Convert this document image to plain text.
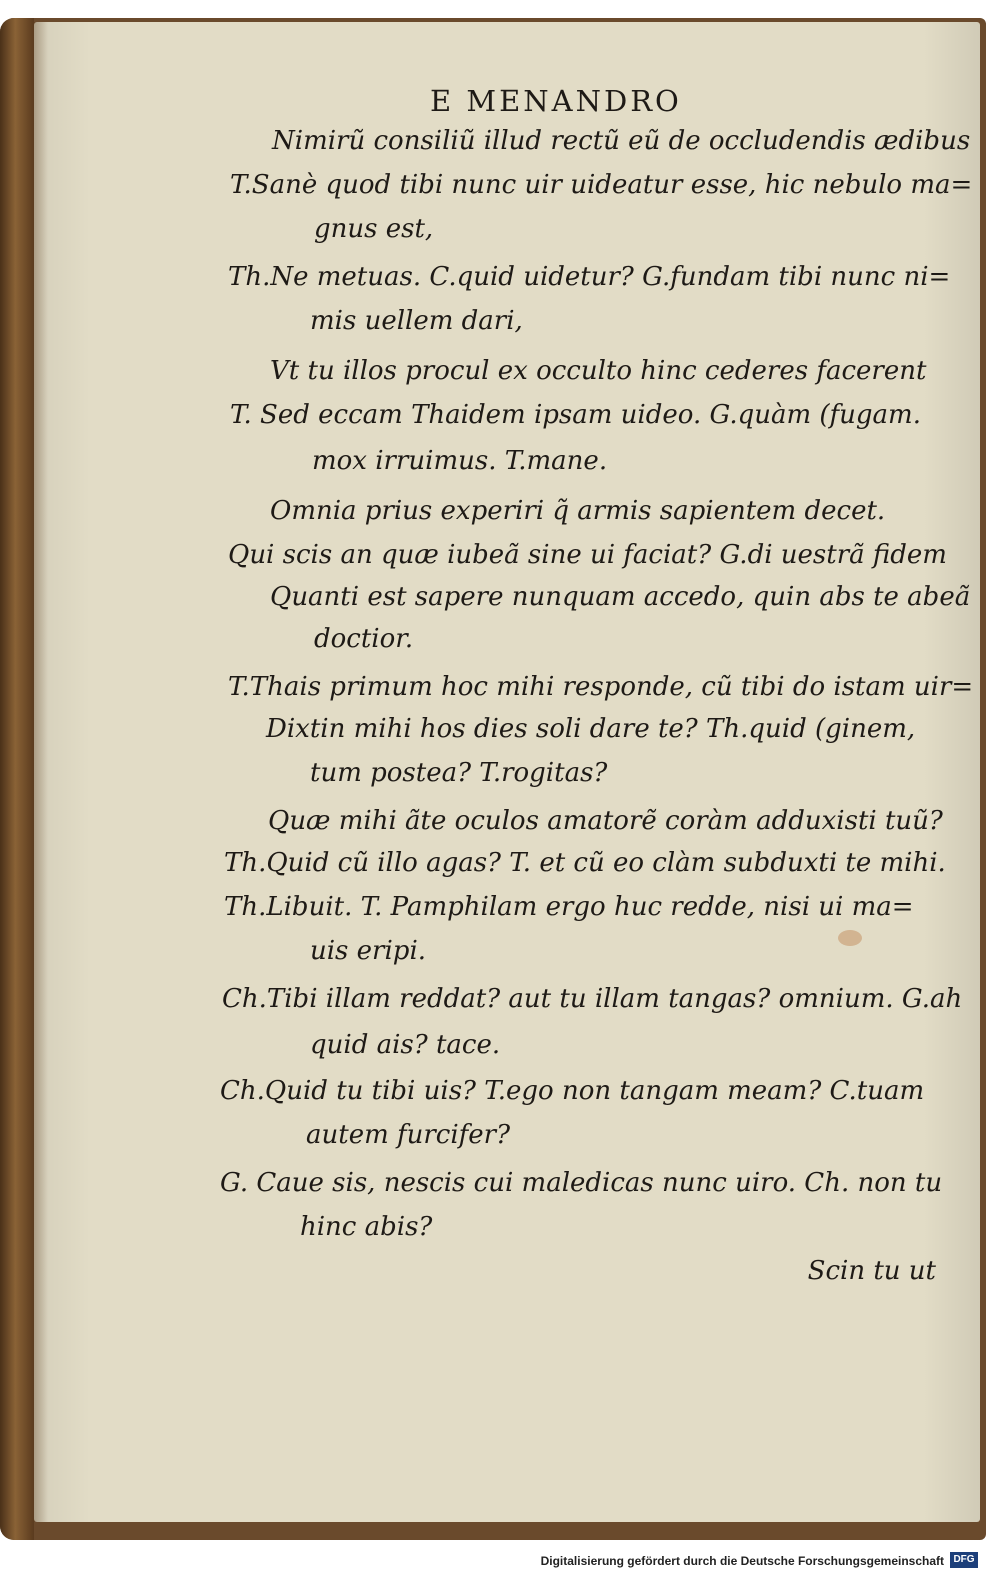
E MENANDRO
Nimirũ consiliũ illud rectũ eũ de occludendis ædibus
T.Sanè quod tibi nunc uir uideatur esse, hic nebulo ma=
gnus est,
Th.Ne metuas. C.quid uidetur? G.fundam tibi nunc ni=
mis uellem dari,
Vt tu illos procul ex occulto hinc cederes facerent
T. Sed eccam Thaidem ipsam uideo. G.quàm (fugam.
mox irruimus. T.mane.
Omnia prius experiri q̃ armis sapientem decet.
Qui scis an quæ iubeã sine ui faciat? G.di uestrã fidem
Quanti est sapere nunquam accedo, quin abs te abeã
doctior.
T.Thais primum hoc mihi responde, cũ tibi do istam uir=
Dixtin mihi hos dies soli dare te? Th.quid (ginem,
tum postea? T.rogitas?
Quæ mihi ãte oculos amatorẽ coràm adduxisti tuũ?
Th.Quid cũ illo agas? T. et cũ eo clàm subduxti te mihi.
Th.Libuit. T. Pamphilam ergo huc redde, nisi ui ma=
uis eripi.
Ch.Tibi illam reddat? aut tu illam tangas? omnium. G.ah
quid ais? tace.
Ch.Quid tu tibi uis? T.ego non tangam meam? C.tuam
autem furcifer?
G. Caue sis, nescis cui maledicas nunc uiro. Ch. non tu
hinc abis?
Scin tu ut
Digitalisierung gefördert durch die Deutsche Forschungsgemeinschaft DFG
